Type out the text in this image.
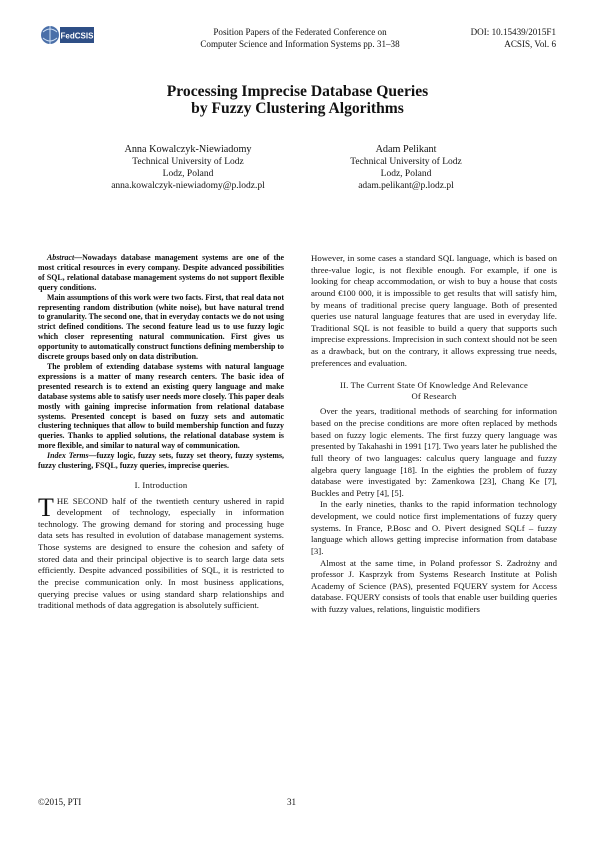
FedCSIS	Position Papers of the Federated Conference on
Computer Science and Information Systems pp. 31–38
DOI: 10.15439/2015F1
ACSIS, Vol. 6
Processing Imprecise Database Queries
by Fuzzy Clustering Algorithms
Anna Kowalczyk-Niewiadomy
Technical University of Lodz
Lodz, Poland
anna.kowalczyk-niewiadomy@p.lodz.pl
Adam Pelikant
Technical University of Lodz
Lodz, Poland
adam.pelikant@p.lodz.pl

Abstract—Nowadays database management systems are one of the most critical resources in every company. Despite advanced possibilities of SQL, relational database management systems do not support flexible query conditions.

Main assumptions of this work were two facts. First, that real data not representing random distribution (white noise), but have natural trend to granularity. The second one, that in everyday contacts we do not using strict defined conditions. The second feature lead us to use fuzzy logic which closer representing natural communication. First gives us opportunity to automatically construct functions defining membership to discrete groups based only on data distribution.

The problem of extending database systems with natural language expressions is a matter of many research centers. The basic idea of presented research is to extend an existing query language and make database systems able to satisfy user needs more closely. This paper deals mostly with gaining imprecise information from relational database systems. Presented concept is based on fuzzy sets and automatic clustering techniques that allow to build membership function and fuzzy queries. Thanks to applied solutions, the relational database system is more flexible, and similar to natural way of communication.

Index Terms—fuzzy logic, fuzzy sets, fuzzy set theory, fuzzy systems, fuzzy clustering, FSQL, fuzzy queries, imprecise queries.

I. Introduction

THE SECOND half of the twentieth century ushered in rapid development of technology, especially in information technology. The growing demand for storing and processing huge data sets has resulted in evolution of database management systems. Those systems are designed to ensure the cohesion and safety of stored data and their principal objective is to search large data sets efficiently. Despite advanced possibilities of SQL, it is restricted to the precise communication only. In most business applications, querying precise values or using standard sharp relationships and traditional methods of data aggregation is absolutely sufficient.

However, in some cases a standard SQL language, which is based on three-value logic, is not flexible enough. For example, if one is looking for cheap accommodation, or wish to buy a house that costs around €100 000, it is impossible to get results that will satisfy him, by means of traditional precise query language. Both of presented queries use natural language features that are used in everyday life. Traditional SQL is not feasible to build a query that supports such imprecise expressions. Imprecision in such context should not be seen as a drawback, but on the contrary, it allows expressing true needs, preferences and evaluation.

II. The Current State Of Knowledge And Relevance
Of Research

Over the years, traditional methods of searching for information based on the precise conditions are more often replaced by methods based on fuzzy logic elements. The first fuzzy query language was presented by Takahashi in 1991 [17]. Two years later he published the full theory of two languages: calculus query language and fuzzy algebra query language [18]. In the eighties the problem of fuzzy database were investigated by: Zamenkowa [23], Chang Ke [7], Buckles and Petry [4], [5].

In the early nineties, thanks to the rapid information technology development, we could notice first implementations of fuzzy query systems. In France, P.Bosc and O. Pivert designed SQLf – fuzzy language which allows getting imprecise information from database [3].

Almost at the same time, in Poland professor S. Zadrożny and professor J. Kasprzyk from Systems Research Institute at Polish Academy of Science (PAS), presented FQUERY system for Access database. FQUERY consists of tools that enable user building queries with fuzzy values, relations, linguistic modifiers

©2015, PTI	31
